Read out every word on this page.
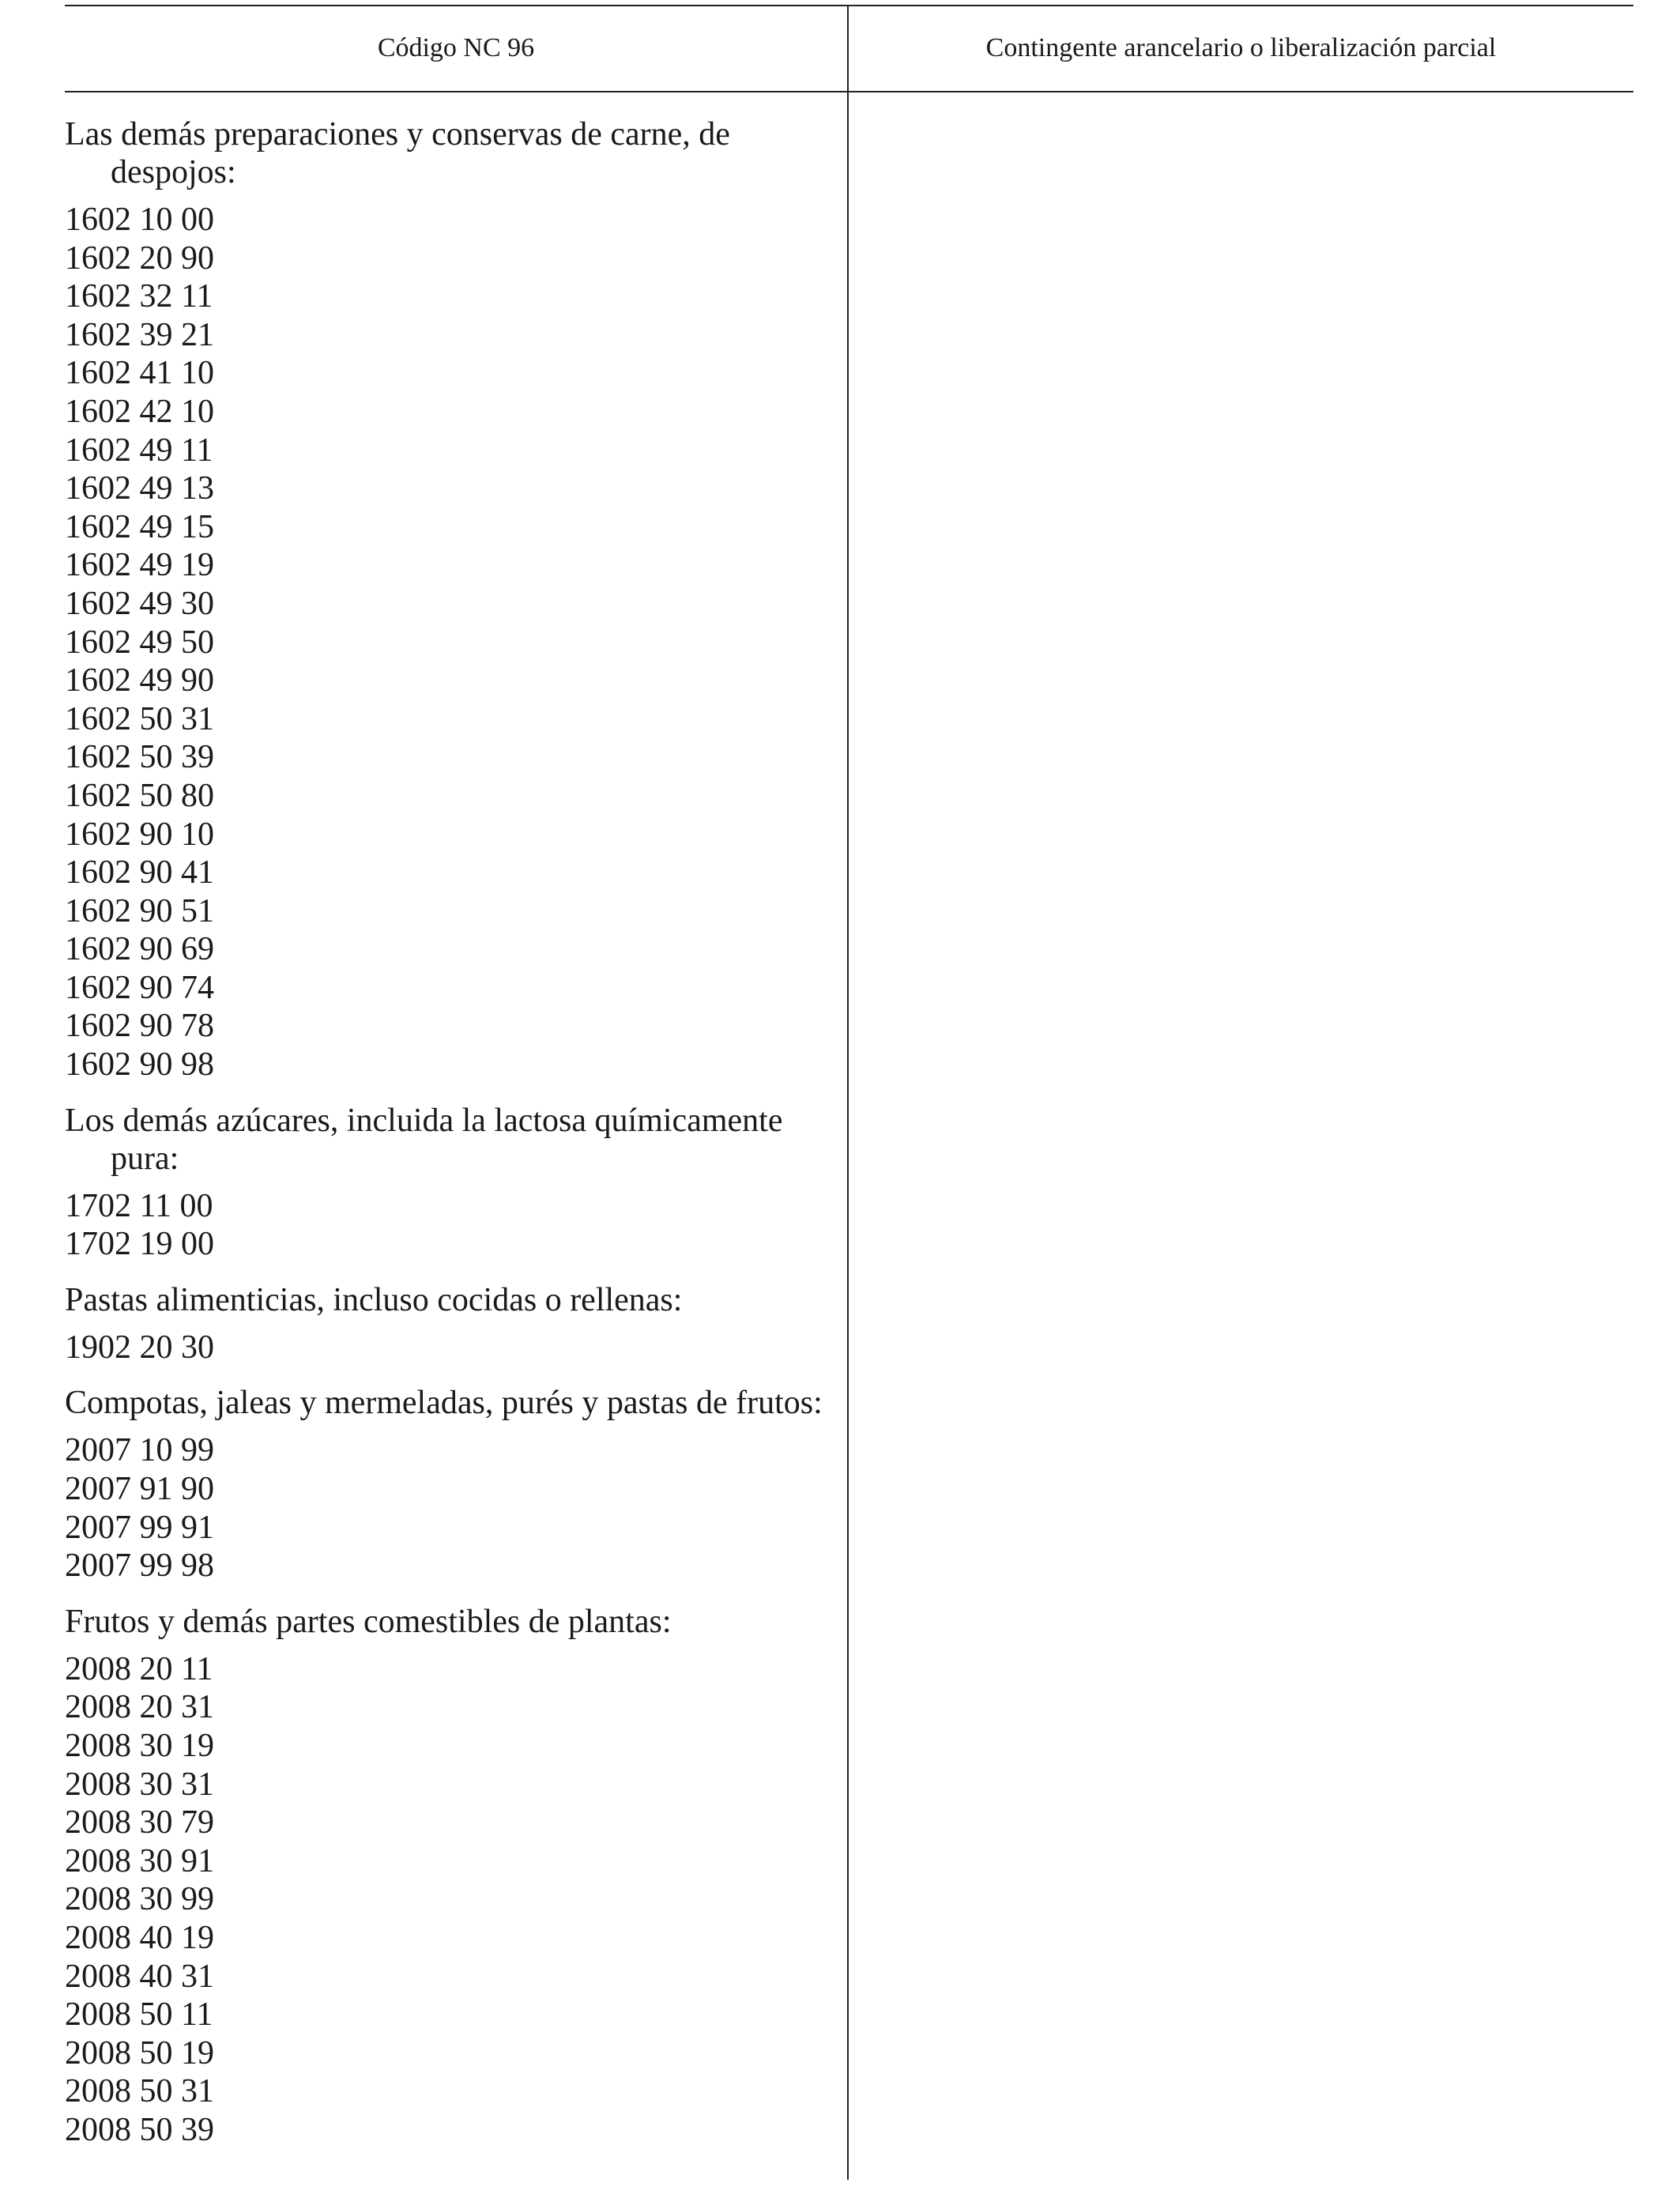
Código NC 96	Contingente arancelario o liberalización parcial
Las demás preparaciones y conservas de carne, de despojos:
1602 10 00
1602 20 90
1602 32 11
1602 39 21
1602 41 10
1602 42 10
1602 49 11
1602 49 13
1602 49 15
1602 49 19
1602 49 30
1602 49 50
1602 49 90
1602 50 31
1602 50 39
1602 50 80
1602 90 10
1602 90 41
1602 90 51
1602 90 69
1602 90 74
1602 90 78
1602 90 98
Los demás azúcares, incluida la lactosa químicamente pura:
1702 11 00
1702 19 00
Pastas alimenticias, incluso cocidas o rellenas:
1902 20 30
Compotas, jaleas y mermeladas, purés y pastas de frutos:
2007 10 99
2007 91 90
2007 99 91
2007 99 98
Frutos y demás partes comestibles de plantas:
2008 20 11
2008 20 31
2008 30 19
2008 30 31
2008 30 79
2008 30 91
2008 30 99
2008 40 19
2008 40 31
2008 50 11
2008 50 19
2008 50 31
2008 50 39
